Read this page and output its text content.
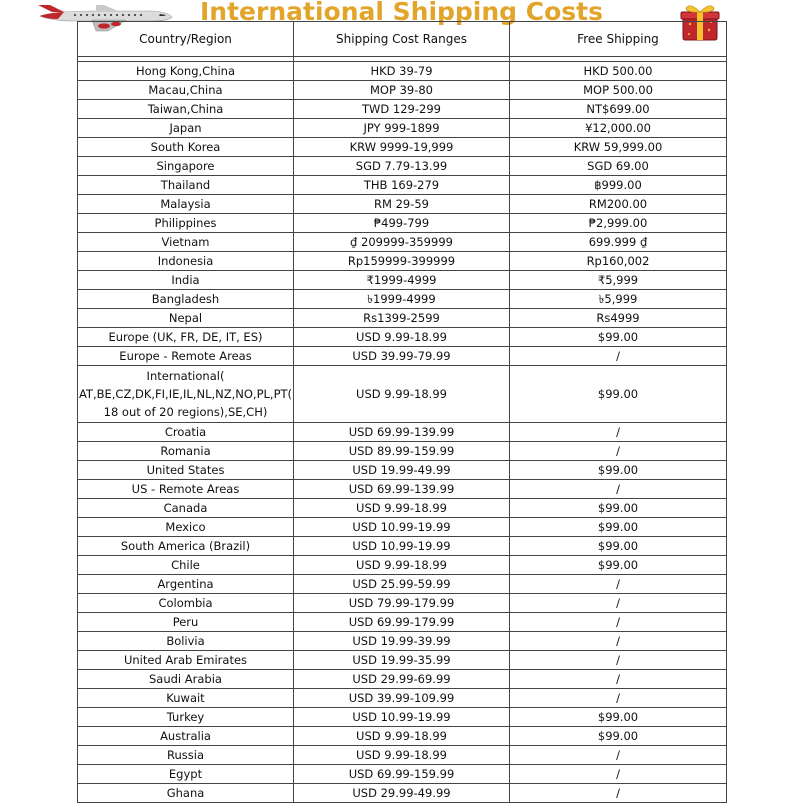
International Shipping Costs
Country/Region	Shipping Cost Ranges	Free Shipping

Hong Kong,China	HKD 39-79	HKD 500.00
Macau,China	MOP 39-80	MOP 500.00
Taiwan,China	TWD 129-299	NT$699.00
Japan	JPY 999-1899	¥12,000.00
South Korea	KRW 9999-19,999	KRW 59,999.00
Singapore	SGD 7.79-13.99	SGD 69.00
Thailand	THB 169-279	฿999.00
Malaysia	RM 29-59	RM200.00
Philippines	₱499-799	₱2,999.00
Vietnam	₫ 209999-359999	699.999 ₫
Indonesia	Rp159999-399999	Rp160,002
India	₹1999-4999	₹5,999
Bangladesh	৳1999-4999	৳5,999
Nepal	Rs1399-2599	Rs4999
Europe (UK, FR, DE, IT, ES)	USD 9.99-18.99	$99.00
Europe - Remote Areas	USD 39.99-79.99	/
International( AT,BE,CZ,DK,FI,IE,IL,NL,NZ,NO,PL,PT( 18 out of 20 regions),SE,CH)	USD 9.99-18.99	$99.00
Croatia	USD 69.99-139.99	/
Romania	USD 89.99-159.99	/
United States	USD 19.99-49.99	$99.00
US - Remote Areas	USD 69.99-139.99	/
Canada	USD 9.99-18.99	$99.00
Mexico	USD 10.99-19.99	$99.00
South America (Brazil)	USD 10.99-19.99	$99.00
Chile	USD 9.99-18.99	$99.00
Argentina	USD 25.99-59.99	/
Colombia	USD 79.99-179.99	/
Peru	USD 69.99-179.99	/
Bolivia	USD 19.99-39.99	/
United Arab Emirates	USD 19.99-35.99	/
Saudi Arabia	USD 29.99-69.99	/
Kuwait	USD 39.99-109.99	/
Turkey	USD 10.99-19.99	$99.00
Australia	USD 9.99-18.99	$99.00
Russia	USD 9.99-18.99	/
Egypt	USD 69.99-159.99	/
Ghana	USD 29.99-49.99	/
